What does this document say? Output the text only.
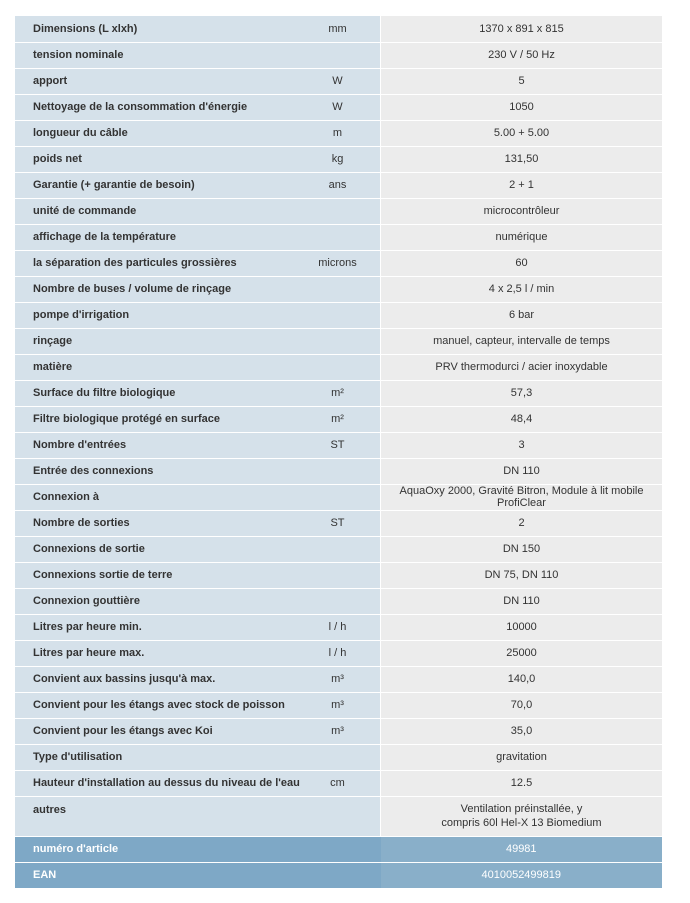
Dimensions (L xlxh)	mm	1370 x 891 x 815
tension nominale		230 V / 50 Hz
apport	W	5
Nettoyage de la consommation d'énergie	W	1050
longueur du câble	m	5.00 + 5.00
poids net	kg	131,50
Garantie (+ garantie de besoin)	ans	2 + 1
unité de commande		microcontrôleur
affichage de la température		numérique
la séparation des particules grossières	microns	60
Nombre de buses / volume de rinçage		4 x 2,5 l / min
pompe d'irrigation		6 bar
rinçage		manuel, capteur, intervalle de temps
matière		PRV thermodurci / acier inoxydable
Surface du filtre biologique	m²	57,3
Filtre biologique protégé en surface	m²	48,4
Nombre d'entrées	ST	3
Entrée des connexions		DN 110
Connexion à		AquaOxy 2000, Gravité Bitron, Module à lit mobile ProfiClear
Nombre de sorties	ST	2
Connexions de sortie		DN 150
Connexions sortie de terre		DN 75, DN 110
Connexion gouttière		DN 110
Litres par heure min.	l / h	10000
Litres par heure max.	l / h	25000
Convient aux bassins jusqu'à max.	m³	140,0
Convient pour les étangs avec stock de poisson	m³	70,0
Convient pour les étangs avec Koi	m³	35,0
Type d'utilisation		gravitation
Hauteur d'installation au dessus du niveau de l'eau	cm	12.5
autres		Ventilation préinstallée, y
compris 60l Hel-X 13 Biomedium

numéro d'article		49981
EAN		4010052499819
